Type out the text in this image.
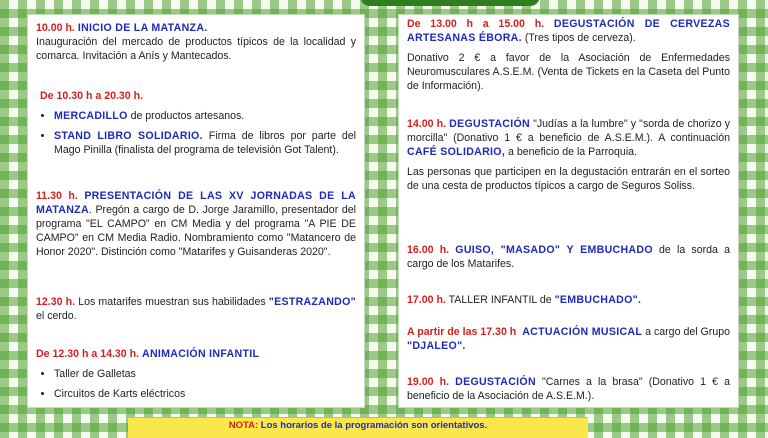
10.00 h. INICIO DE LA MATANZA.

Inauguración del mercado de productos típicos de la localidad y comarca. Invitación a Anís y Mantecados.

De 10.30 h a 20.30 h.

• MERCADILLO de productos artesanos.
• STAND LIBRO SOLIDARIO. Firma de libros por parte del Mago Pinilla (finalista del programa de televisión Got Talent).

11.30 h. PRESENTACIÓN DE LAS XV JORNADAS DE LA MATANZA. Pregón a cargo de D. Jorge Jaramillo, presentador del programa "EL CAMPO" en CM Media y del programa "A PIE DE CAMPO" en CM Media Radio. Nombramiento como "Matancero de Honor 2020". Distinción como "Matarifes y Guisanderas 2020".

12.30 h. Los matarifes muestran sus habilidades "ESTRAZANDO" el cerdo.

De 12.30 h a 14.30 h. ANIMACIÓN INFANTIL

• Taller de Galletas
• Circuitos de Karts eléctricos

De 13.00 h a 15.00 h. DEGUSTACIÓN DE CERVEZAS ARTESANAS ÉBORA. (Tres tipos de cerveza).

Donativo 2 € a favor de la Asociación de Enfermedades Neuromusculares A.S.E.M. (Venta de Tickets en la Caseta del Punto de Información).

14.00 h. DEGUSTACIÓN "Judías a la lumbre" y "sorda de chorizo y morcilla" (Donativo 1 € a beneficio de A.S.E.M.). A continuación CAFÉ SOLIDARIO, a beneficio de la Parroquia.

Las personas que participen en la degustación entrarán en el sorteo de una cesta de productos típicos a cargo de Seguros Soliss.

16.00 h. GUISO, "MASADO" Y EMBUCHADO de la sorda a cargo de los Matarifes.

17.00 h. TALLER INFANTIL de "EMBUCHADO".

A partir de las 17.30 h ACTUACIÓN MUSICAL a cargo del Grupo "DJALEO".

19.00 h. DEGUSTACIÓN "Carnes a la brasa" (Donativo 1 € a beneficio de la Asociación de A.S.E.M.).

NOTA: Los horarios de la programación son orientativos.
